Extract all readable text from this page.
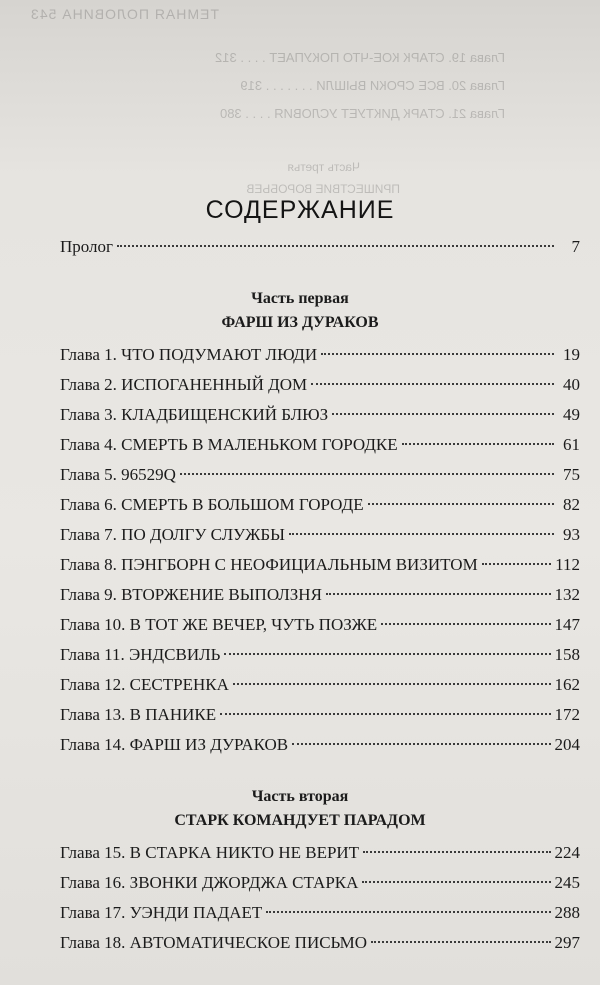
ТЕМНАЯ ПОЛОВИНА 543
Глава 19. СТАРК КОЕ-ЧТО ПОКУПАЕТ . . . . 312
Глава 20. ВСЕ СРОКИ ВЫШЛИ . . . . . . . 319
Глава 21. СТАРК ДИКТУЕТ УСЛОВИЯ . . . . 380
Часть третья
ПРИШЕСТВИЕ ВОРОБЬЕВ
СОДЕРЖАНИЕ
Пролог	7
Часть первая
ФАРШ ИЗ ДУРАКОВ
Глава 1. ЧТО ПОДУМАЮТ ЛЮДИ	19
Глава 2. ИСПОГАНЕННЫЙ ДОМ	40
Глава 3. КЛАДБИЩЕНСКИЙ БЛЮЗ	49
Глава 4. СМЕРТЬ В МАЛЕНЬКОМ ГОРОДКЕ	61
Глава 5. 96529Q	75
Глава 6. СМЕРТЬ В БОЛЬШОМ ГОРОДЕ	82
Глава 7. ПО ДОЛГУ СЛУЖБЫ	93
Глава 8. ПЭНГБОРН С НЕОФИЦИАЛЬНЫМ ВИЗИТОМ	112
Глава 9. ВТОРЖЕНИЕ ВЫПОЛЗНЯ	132
Глава 10. В ТОТ ЖЕ ВЕЧЕР, ЧУТЬ ПОЗЖЕ	147
Глава 11. ЭНДСВИЛЬ	158
Глава 12. СЕСТРЕНКА	162
Глава 13. В ПАНИКЕ	172
Глава 14. ФАРШ ИЗ ДУРАКОВ	204
Часть вторая
СТАРК КОМАНДУЕТ ПАРАДОМ
Глава 15. В СТАРКА НИКТО НЕ ВЕРИТ	224
Глава 16. ЗВОНКИ ДЖОРДЖА СТАРКА	245
Глава 17. УЭНДИ ПАДАЕТ	288
Глава 18. АВТОМАТИЧЕСКОЕ ПИСЬМО	297
